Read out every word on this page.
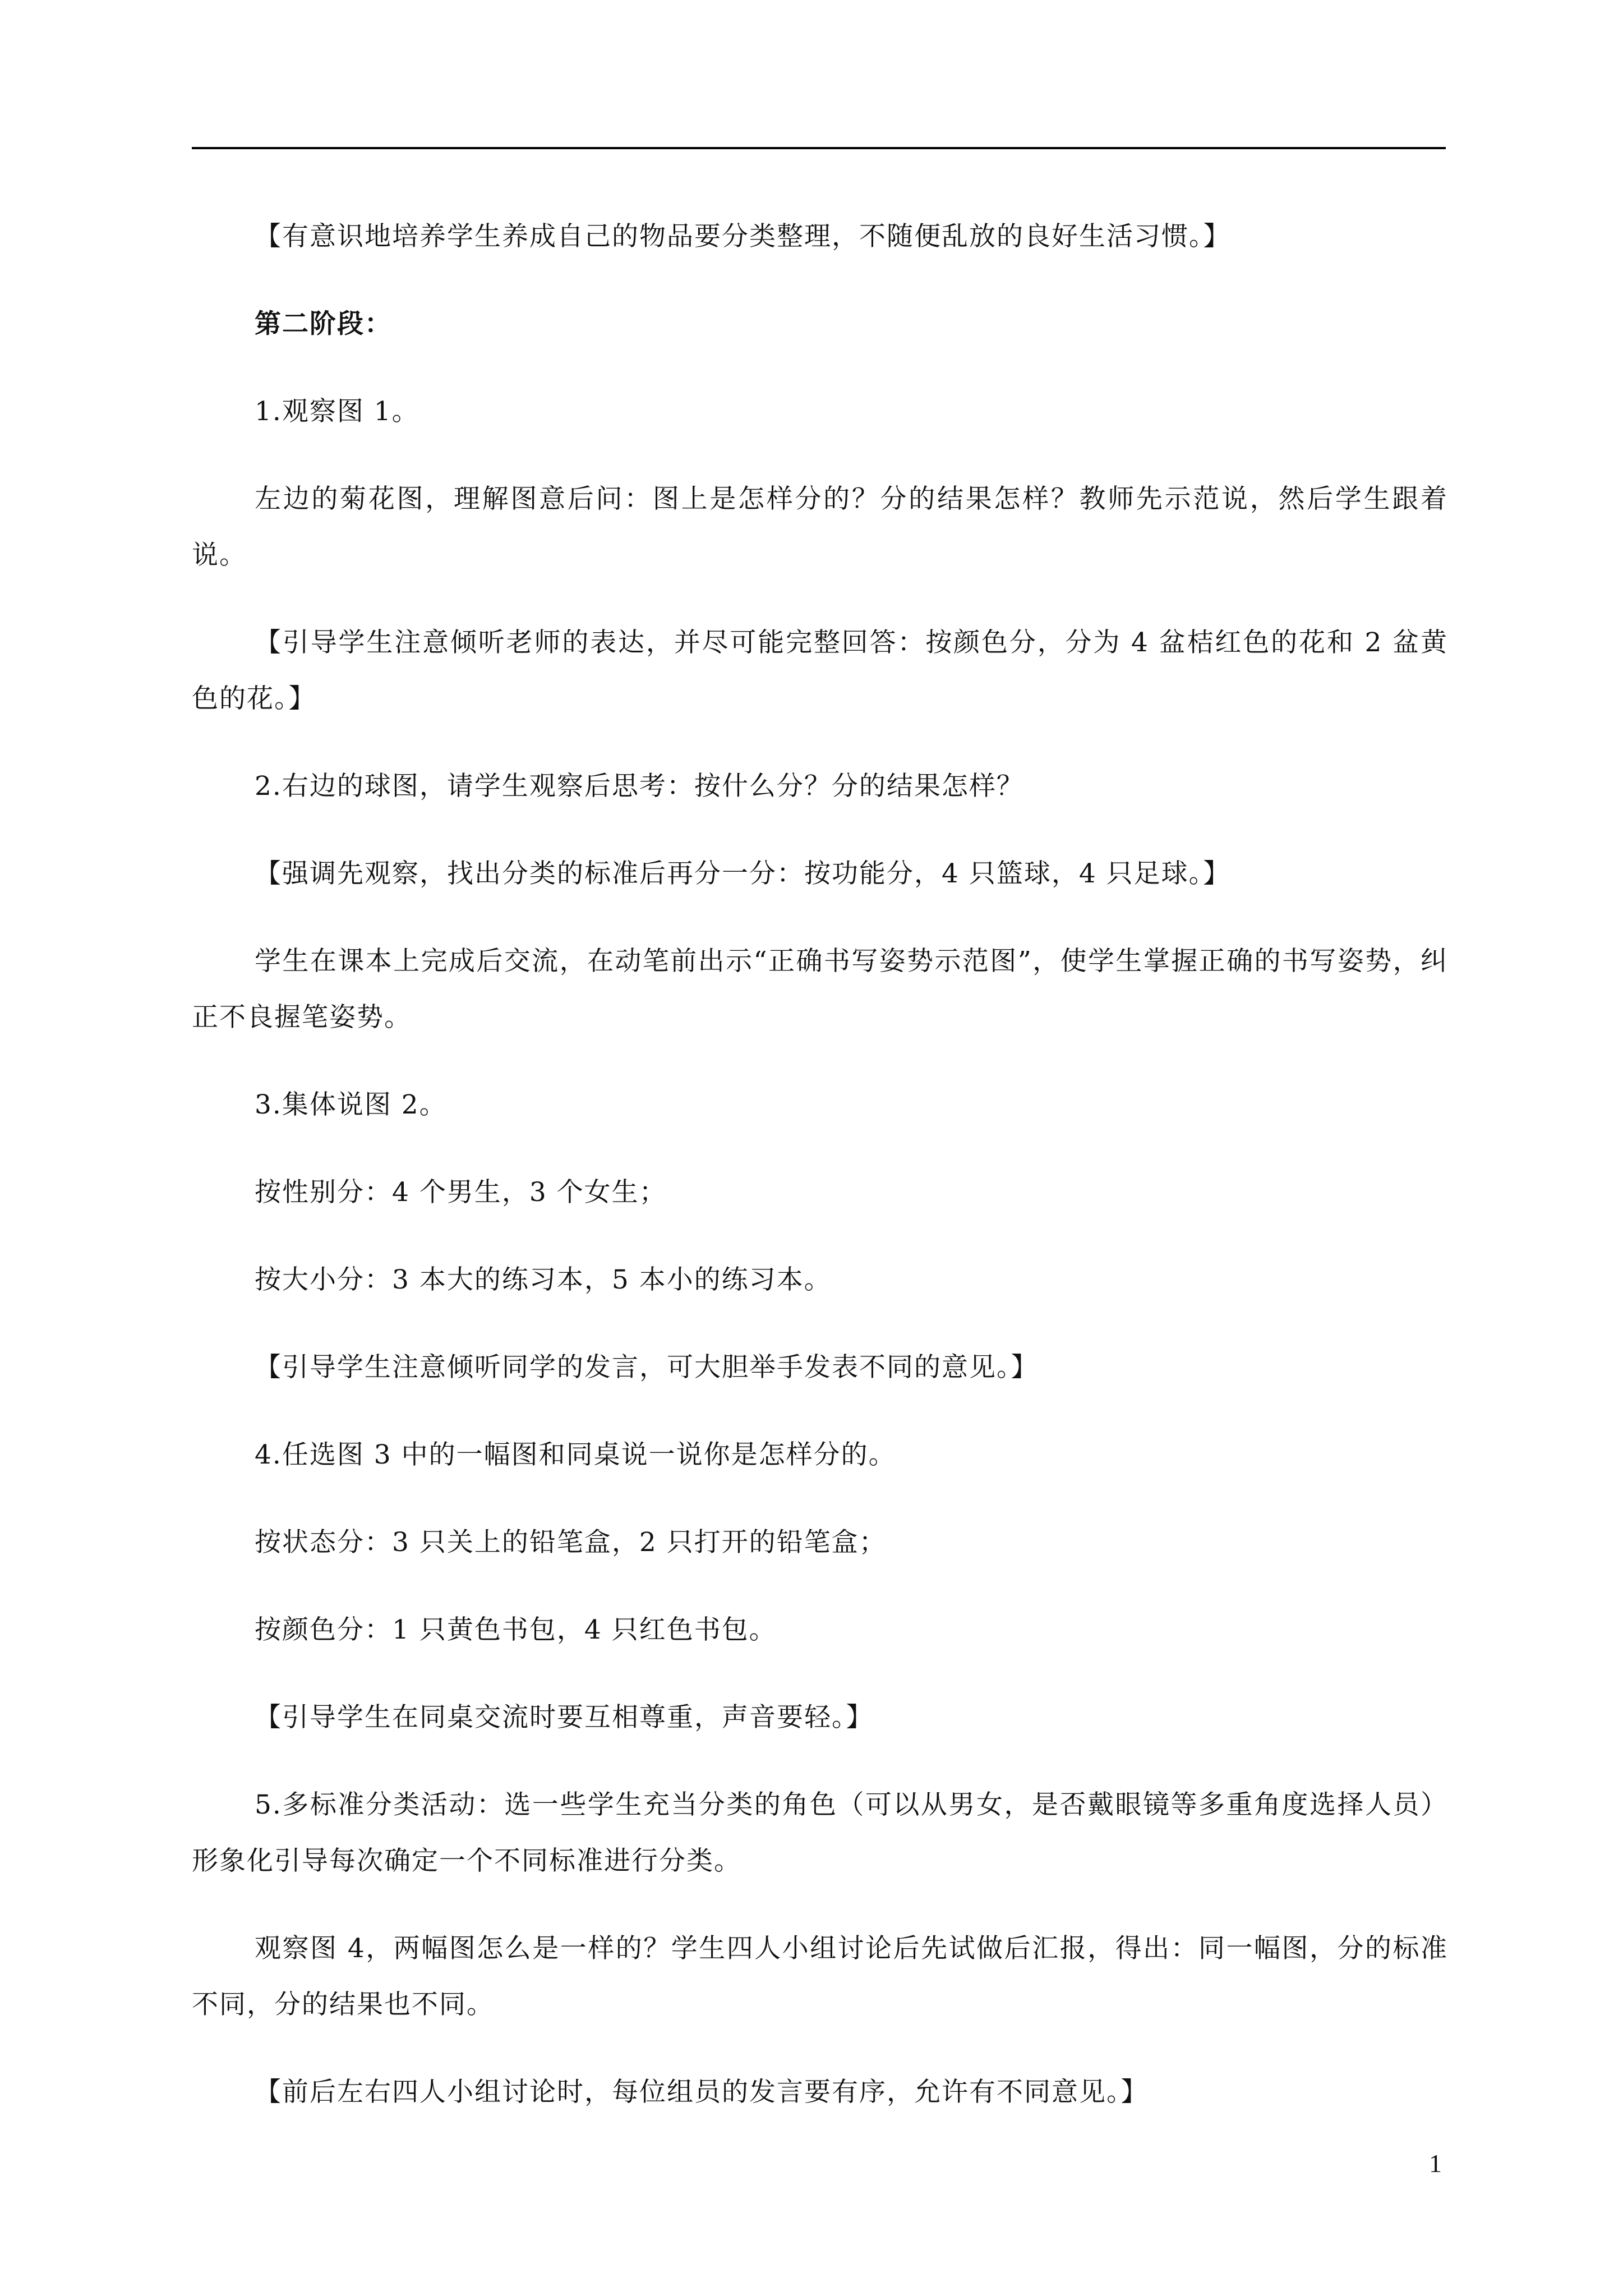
【有意识地培养学生养成自己的物品要分类整理，不随便乱放的良好生活习惯。】

第二阶段：

1.观察图 1。

左边的菊花图，理解图意后问：图上是怎样分的？分的结果怎样？教师先示范说，然后学生跟着说。

【引导学生注意倾听老师的表达，并尽可能完整回答：按颜色分，分为 4 盆桔红色的花和 2 盆黄色的花。】

2.右边的球图，请学生观察后思考：按什么分？分的结果怎样？

【强调先观察，找出分类的标准后再分一分：按功能分，4 只篮球，4 只足球。】

学生在课本上完成后交流，在动笔前出示“正确书写姿势示范图”，使学生掌握正确的书写姿势，纠正不良握笔姿势。

3.集体说图 2。

按性别分：4 个男生，3 个女生；

按大小分：3 本大的练习本，5 本小的练习本。

【引导学生注意倾听同学的发言，可大胆举手发表不同的意见。】

4.任选图 3 中的一幅图和同桌说一说你是怎样分的。

按状态分：3 只关上的铅笔盒，2 只打开的铅笔盒；

按颜色分：1 只黄色书包，4 只红色书包。

【引导学生在同桌交流时要互相尊重，声音要轻。】

5.多标准分类活动：选一些学生充当分类的角色（可以从男女，是否戴眼镜等多重角度选择人员）形象化引导每次确定一个不同标准进行分类。

观察图 4，两幅图怎么是一样的？学生四人小组讨论后先试做后汇报，得出：同一幅图，分的标准不同，分的结果也不同。

【前后左右四人小组讨论时，每位组员的发言要有序，允许有不同意见。】

1
